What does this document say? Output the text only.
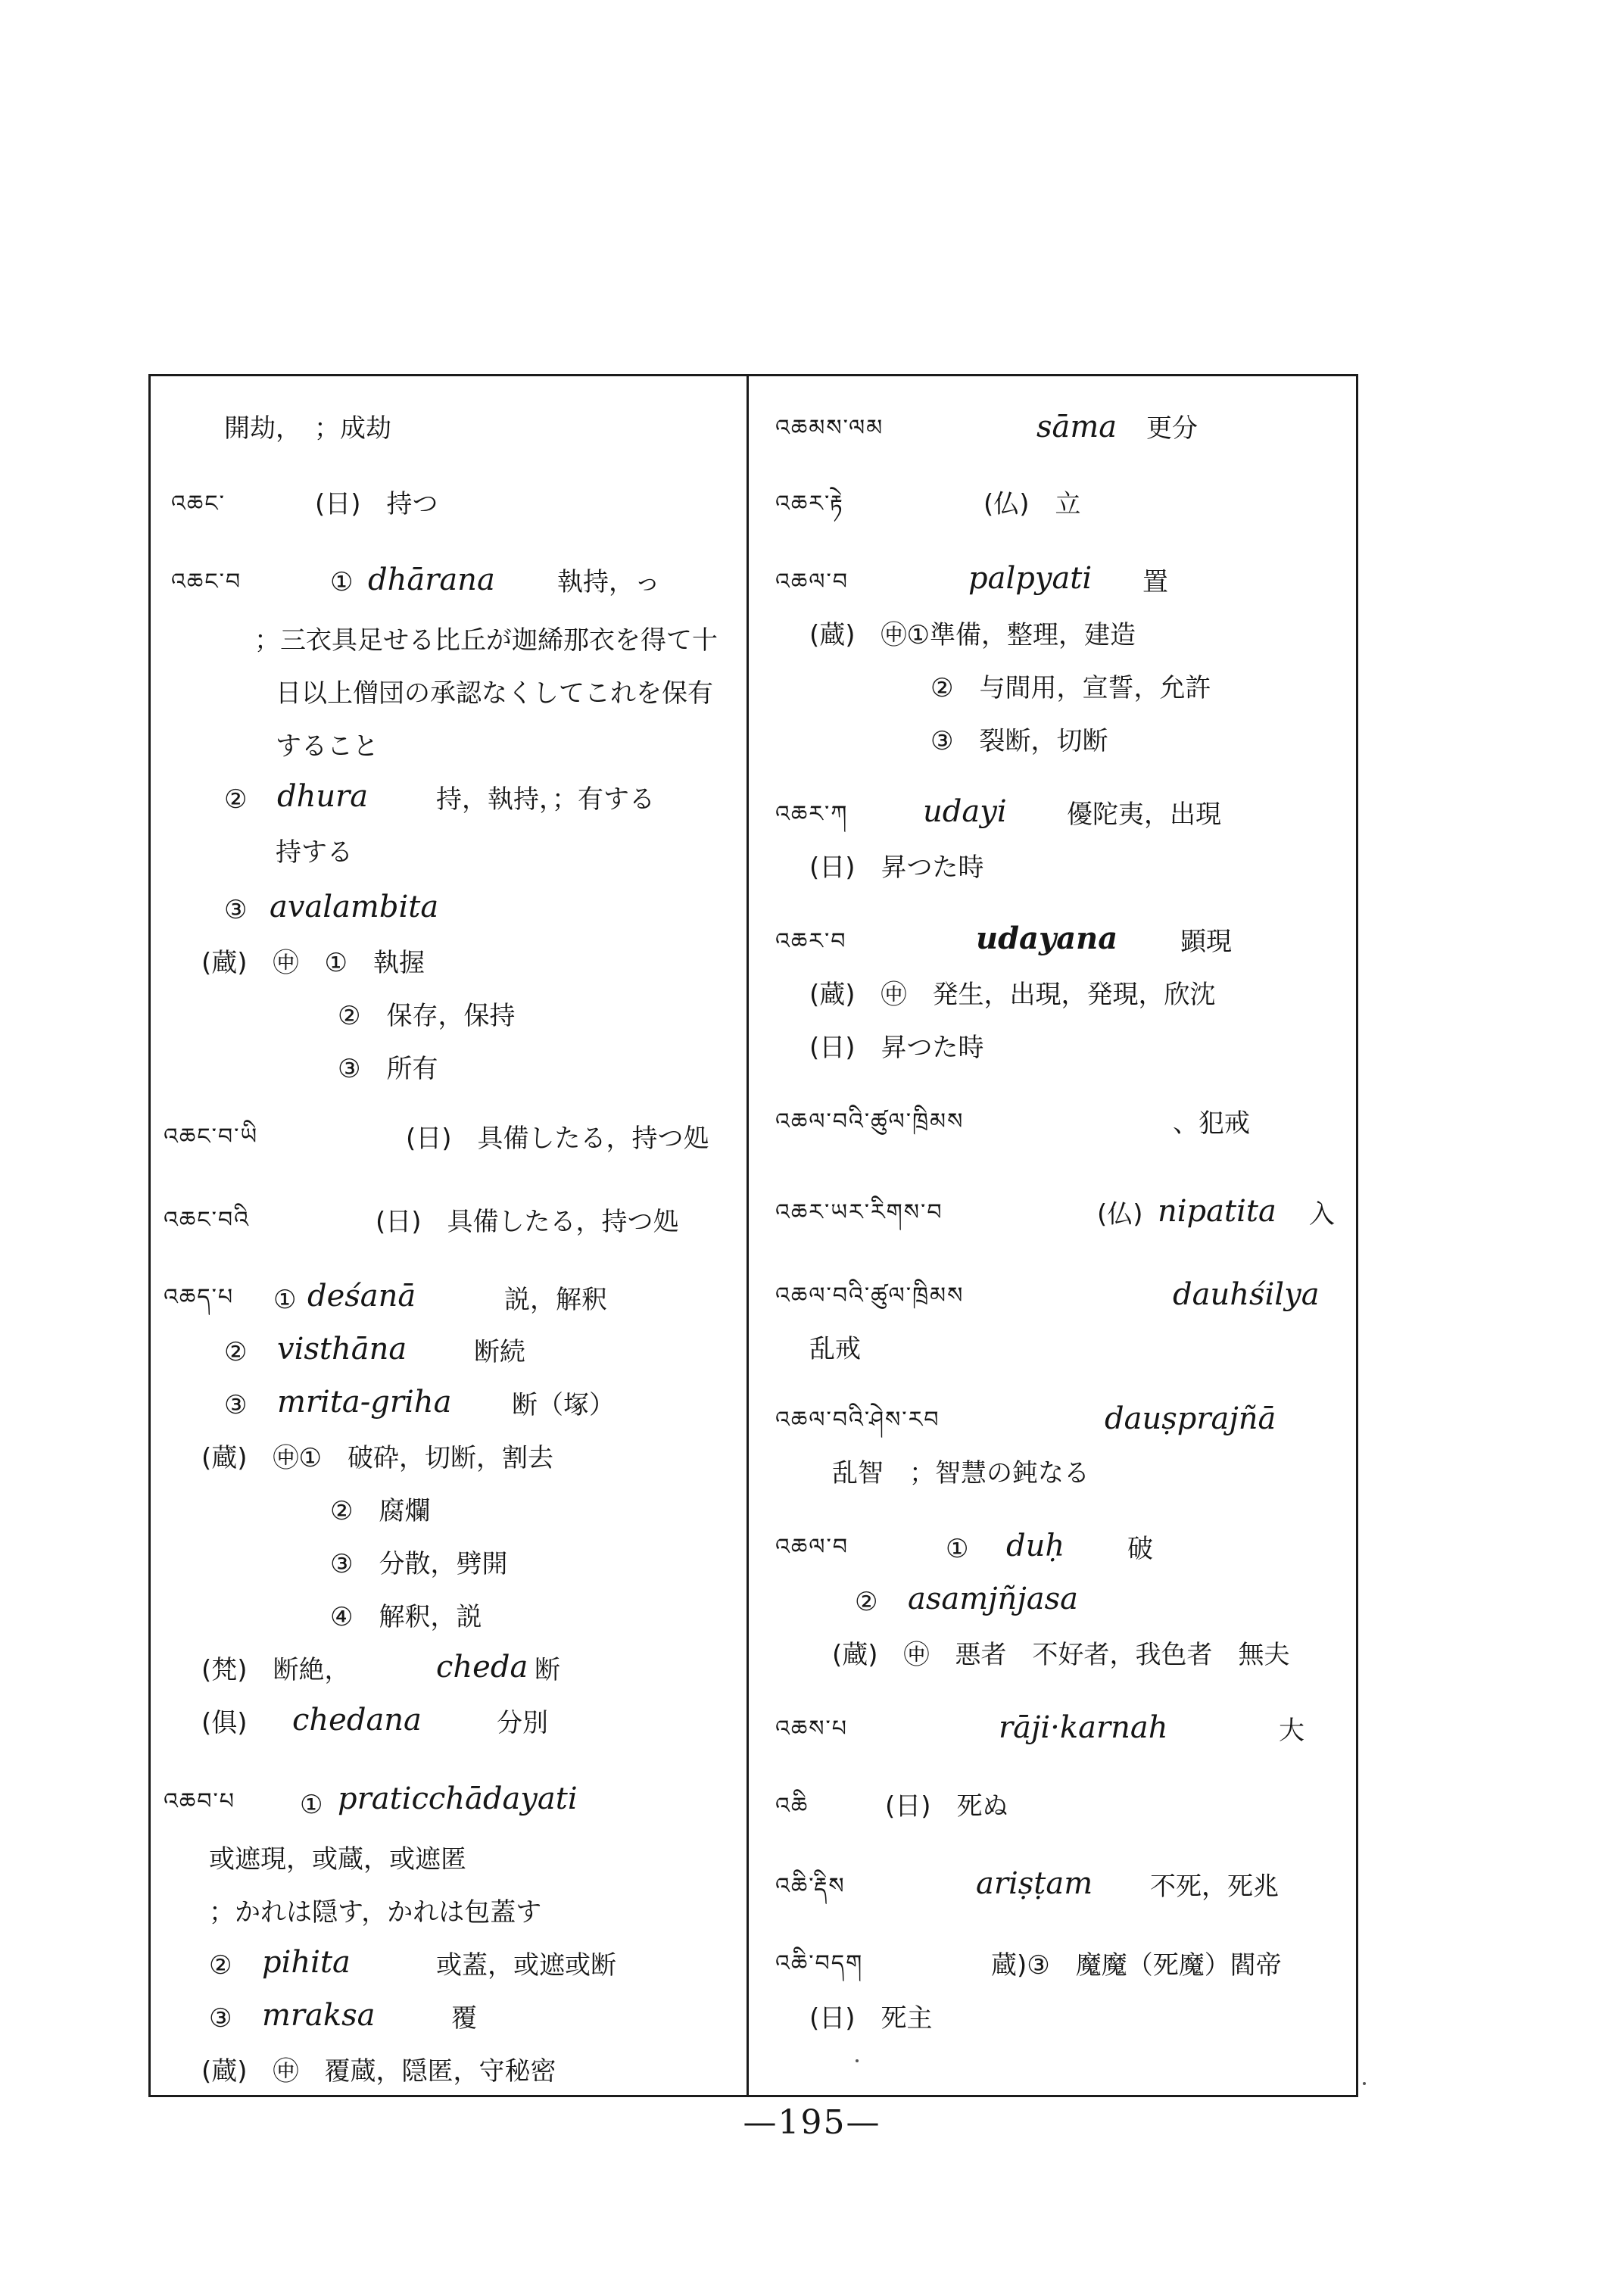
開劫，　；成劫
འཆང་	(日)　持つ
འཆང་བ	① dhārana 執持，っ
；三衣具足せる比丘が迦絺那衣を得て十
日以上僧団の承認なくしてこれを保有
すること
② dhura	持，執持，；有する
持する
③ avalambita
(蔵)　㊥　①　執握
②　保存，保持
③　所有
འཆང་བ་ཡི	(日)　具備したる，持つ処
འཆང་བའི	(日)　具備したる，持つ処
འཆད་པ ① deśanā	説，解釈
② visthāna	断続
③ mrita-griha 断（塚）
(蔵)　㊥①　破砕，切断，割去
②　腐爛
③　分散，劈開
④　解釈，説
(梵)　断絶，	cheda 断
(俱) chedana	分別
འཆབ་པ ① praticchādayati
或遮現，或蔵，或遮匿
；かれは隠す，かれは包蓋す
② pihita	或蓋，或遮或断
③ mraksa	覆
(蔵)　㊥　覆蔵，隠匿，守秘密
འཆམས་ལམ	sāma 更分
འཆར་རྟེ	(仏)　立
འཆལ་བ	palpyati 置
(蔵)　㊥①準備，整理，建造
②　与間用，宣誓，允許
③　裂断，切断
འཆར་ཀ udayi 優陀夷，出現
(日)　昇つた時
འཆར་བ	udayana 顕現
(蔵)　㊥　発生，出現，発現，欣沈
(日)　昇つた時
འཆལ་བའི་ཚུལ་ཁྲིམས	、犯戒
འཆར་ཡར་རིགས་བ	(仏) nipatita 入
འཆལ་བའི་ཚུལ་ཁྲིམས	dauhśilya
乱戒
འཆལ་བའི་ཤེས་རབ	dauṣprajñā
乱智　；智慧の鈍なる
འཆལ་བ	① duḥ 破
② asamjñjasa
(蔵)　㊥　悪者　不好者，我色者　無夫
འཆས་པ	rāji·karnah	大
འཆི	(日)　死ぬ
འཆི་རྡིས	ariṣṭam 不死，死兆
འཆི་བདག	蔵)③　魔魔（死魔）閻帝
(日)　死主
—195—
